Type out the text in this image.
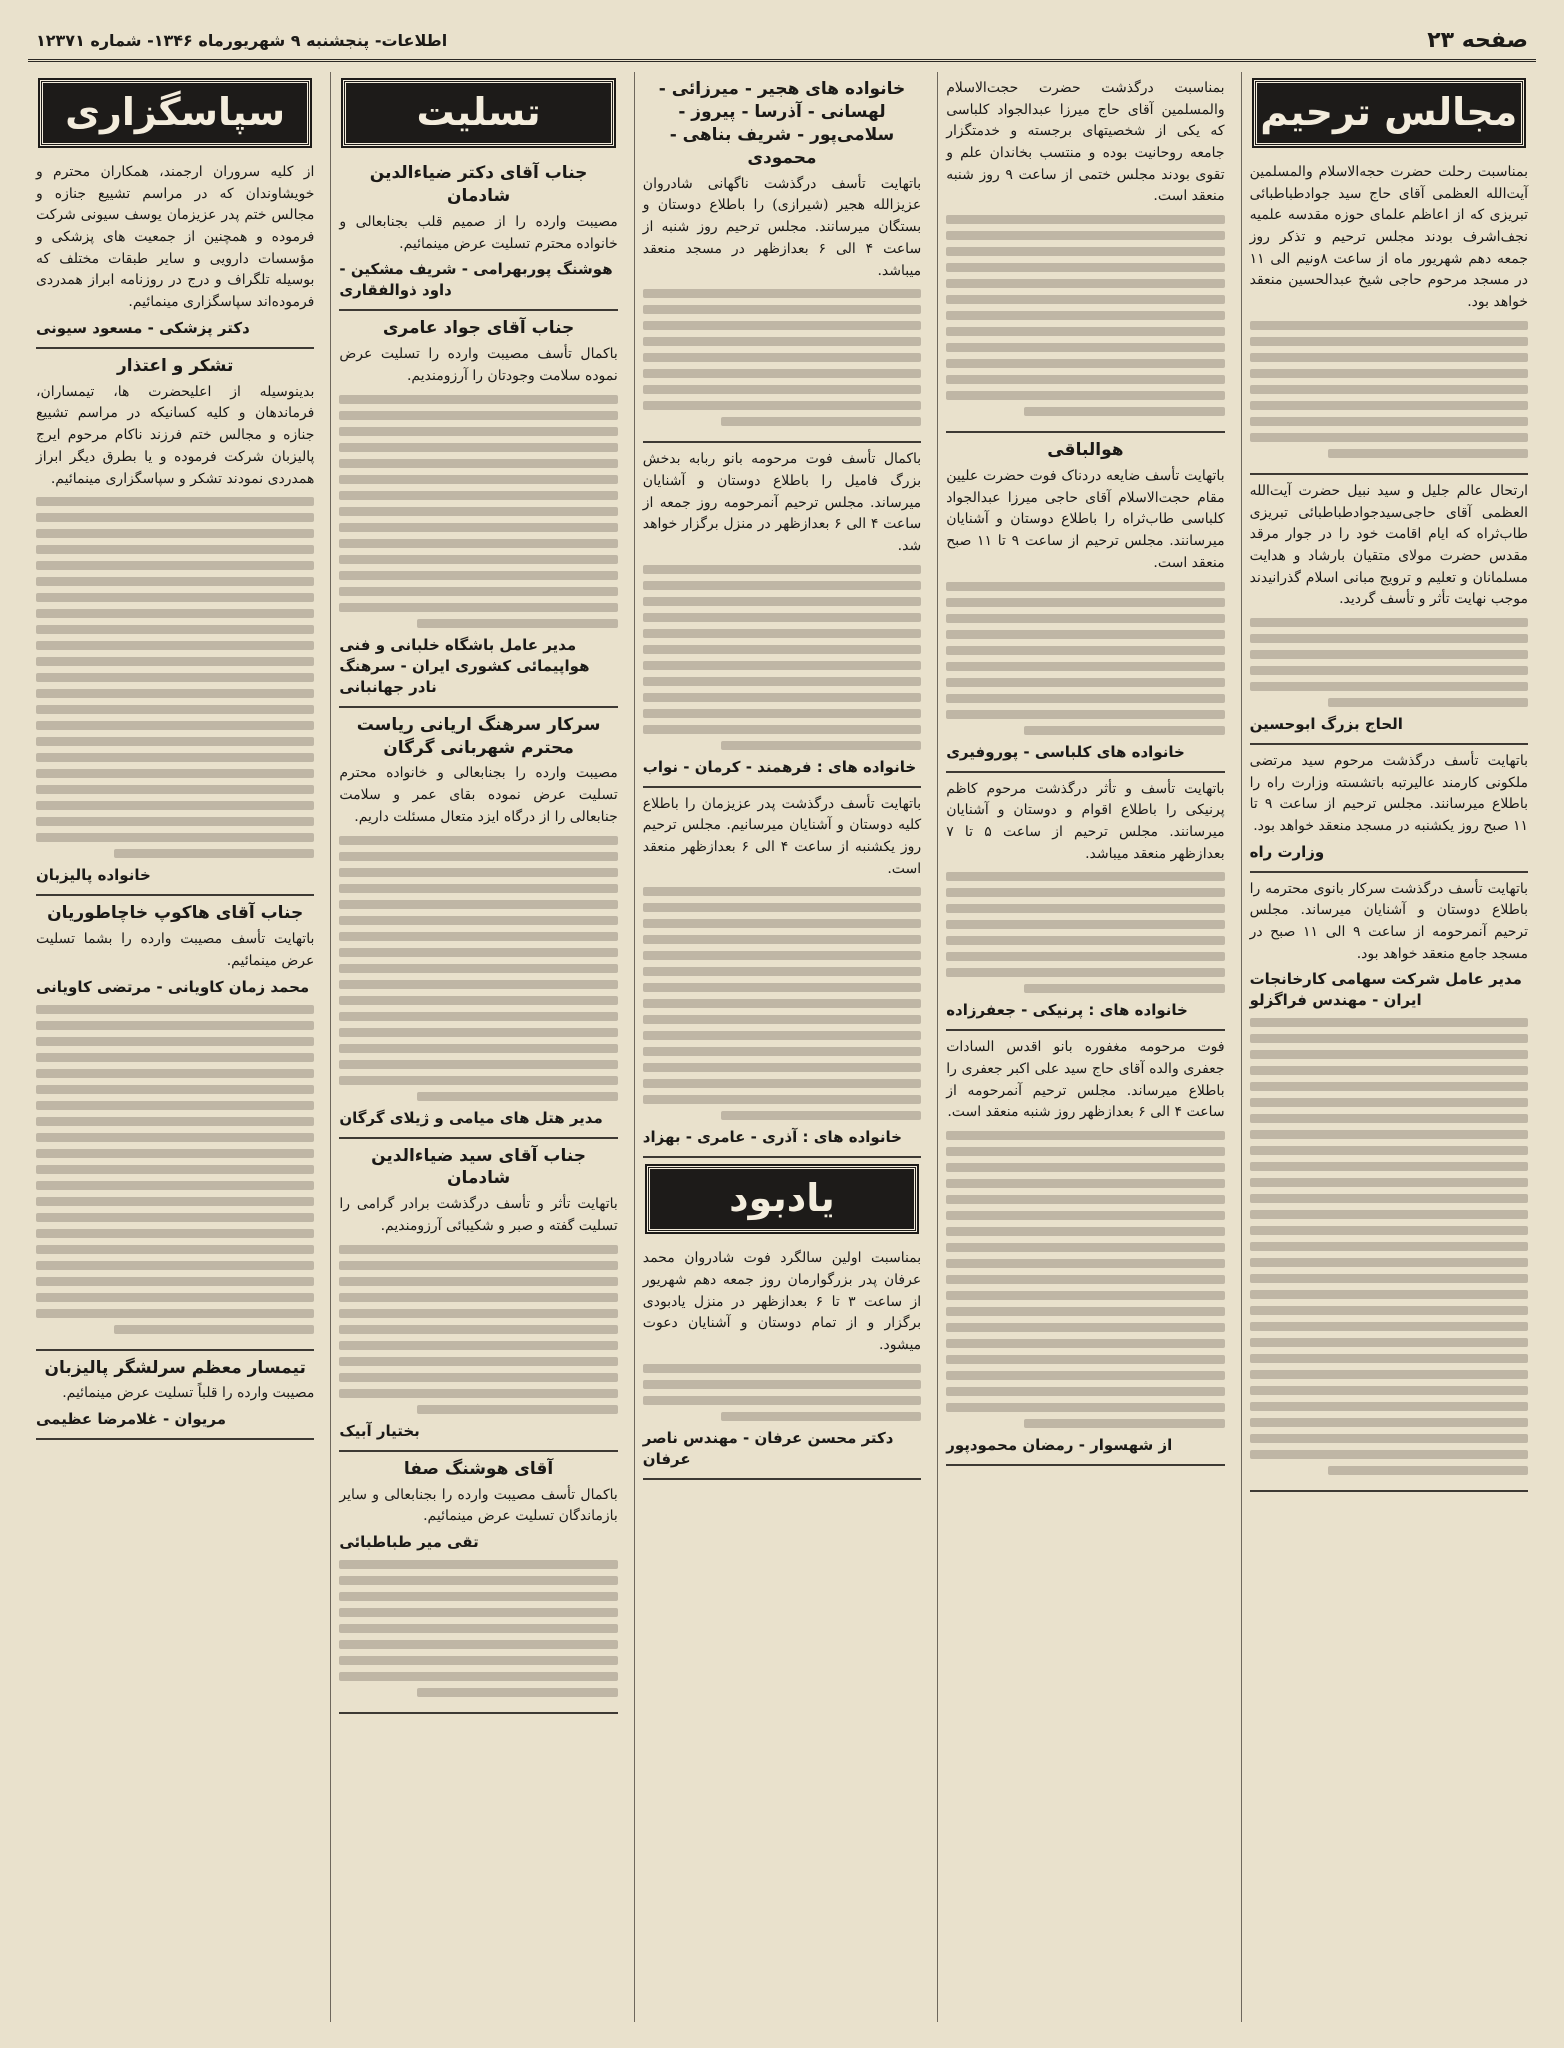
صفحه ۲۳
اطلاعات- پنجشنبه ۹ شهریورماه ۱۳۴۶- شماره ۱۲۳۷۱
مجالس ترحیم
بمناسبت رحلت حضرت حجه‌الاسلام والمسلمین آیت‌الله العظمی آقای حاج سید جوادطباطبائی تبریزی که از اعاظم علمای حوزه مقدسه علمیه نجف‌اشرف بودند مجلس ترحیم و تذکر روز جمعه دهم شهریور ماه از ساعت ۸ونیم الی ۱۱ در مسجد مرحوم حاجی شیخ عبدالحسین منعقد خواهد بود.
ارتحال عالم جلیل و سید نبیل حضرت آیت‌الله العظمی آقای حاجی‌سیدجوادطباطبائی تبریزی طاب‌ثراه که ایام اقامت خود را در جوار مرقد مقدس حضرت مولای متقیان بارشاد و هدایت مسلمانان و تعلیم و ترویج مبانی اسلام گذرانیدند موجب نهایت تأثر و تأسف گردید.
الحاج بزرگ ابوحسین
باتهایت تأسف درگذشت مرحوم سید مرتضی ملکونی کارمند عالیرتبه باتشسته وزارت راه را باطلاع میرسانند. مجلس ترحیم از ساعت ۹ تا ۱۱ صبح روز یکشنبه در مسجد منعقد خواهد بود.
وزارت راه
باتهایت تأسف درگذشت سرکار بانوی محترمه را باطلاع دوستان و آشنایان میرساند. مجلس ترحیم آنمرحومه از ساعت ۹ الی ۱۱ صبح در مسجد جامع منعقد خواهد بود.
مدیر عامل شرکت سهامی کارخانجات ایران - مهندس فراگزلو
بمناسبت درگذشت حضرت حجت‌الاسلام والمسلمین آقای حاج میرزا عبدالجواد کلباسی که یکی از شخصیتهای برجسته و خدمتگزار جامعه روحانیت بوده و منتسب بخاندان علم و تقوی بودند مجلس ختمی از ساعت ۹ روز شنبه منعقد است.
هوالباقی
باتهایت تأسف ضایعه دردناک فوت حضرت علیین مقام حجت‌الاسلام آقای حاجی میرزا عبدالجواد کلباسی طاب‌ثراه را باطلاع دوستان و آشنایان میرسانند. مجلس ترحیم از ساعت ۹ تا ۱۱ صبح منعقد است.
خانواده های کلباسی - پوروفیری
باتهایت تأسف و تأثر درگذشت مرحوم کاظم پرنیکی را باطلاع اقوام و دوستان و آشنایان میرسانند. مجلس ترحیم از ساعت ۵ تا ۷ بعدازظهر منعقد میباشد.
خانواده های : پرنیکی - جعفرزاده
فوت مرحومه مغفوره بانو اقدس السادات جعفری والده آقای حاج سید علی اکبر جعفری را باطلاع میرساند. مجلس ترحیم آنمرحومه از ساعت ۴ الی ۶ بعدازظهر روز شنبه منعقد است.
از شهسوار - رمضان محمودپور
خانواده های هجیر - میرزائی - لهسانی - آذرسا - پیروز - سلامی‌پور - شریف بناهی - محمودی
باتهایت تأسف درگذشت ناگهانی شادروان عزیزالله هجیر (شیرازی) را باطلاع دوستان و بستگان میرسانند. مجلس ترحیم روز شنبه از ساعت ۴ الی ۶ بعدازظهر در مسجد منعقد میباشد.
باکمال تأسف فوت مرحومه بانو ربابه بدخش بزرگ فامیل را باطلاع دوستان و آشنایان میرساند. مجلس ترحیم آنمرحومه روز جمعه از ساعت ۴ الی ۶ بعدازظهر در منزل برگزار خواهد شد.
خانواده های : فرهمند - کرمان - نواب
باتهایت تأسف درگذشت پدر عزیزمان را باطلاع کلیه دوستان و آشنایان میرسانیم. مجلس ترحیم روز یکشنبه از ساعت ۴ الی ۶ بعدازظهر منعقد است.
خانواده های : آذری - عامری - بهزاد
یادبود
بمناسبت اولین سالگرد فوت شادروان محمد عرفان پدر بزرگوارمان روز جمعه دهم شهریور از ساعت ۳ تا ۶ بعدازظهر در منزل یادبودی برگزار و از تمام دوستان و آشنایان دعوت میشود.
دکتر محسن عرفان - مهندس ناصر عرفان
تسلیت
جناب آقای دکتر ضیاءالدین شادمان
مصیبت وارده را از صمیم قلب بجنابعالی و خانواده محترم تسلیت عرض مینمائیم.
هوشنگ پوربهرامی - شریف مشکین - داود ذوالفقاری
جناب آقای جواد عامری
باکمال تأسف مصیبت وارده را تسلیت عرض نموده سلامت وجودتان را آرزومندیم.
مدیر عامل باشگاه خلبانی و فنی هواپیمائی کشوری ایران - سرهنگ نادر جهانبانی
سرکار سرهنگ اریانی ریاست محترم شهربانی گرگان
مصیبت وارده را بجنابعالی و خانواده محترم تسلیت عرض نموده بقای عمر و سلامت جنابعالی را از درگاه ایزد متعال مسئلت داریم.
مدیر هتل های میامی و ژیلای گرگان
جناب آقای سید ضیاءالدین شادمان
باتهایت تأثر و تأسف درگذشت برادر گرامی را تسلیت گفته و صبر و شکیبائی آرزومندیم.
بختیار آبیک
آقای هوشنگ صفا
باکمال تأسف مصیبت وارده را بجنابعالی و سایر بازماندگان تسلیت عرض مینمائیم.
تقی میر طباطبائی
سپاسگزاری
از کلیه سروران ارجمند، همکاران محترم و خویشاوندان که در مراسم تشییع جنازه و مجالس ختم پدر عزیزمان یوسف سیونی شرکت فرموده و همچنین از جمعیت های پزشکی و مؤسسات دارویی و سایر طبقات مختلف که بوسیله تلگراف و درج در روزنامه ابراز همدردی فرموده‌اند سپاسگزاری مینمائیم.
دکتر پزشکی - مسعود سیونی
تشکر و اعتذار
بدینوسیله از اعلیحضرت ها، تیمساران، فرماندهان و کلیه کسانیکه در مراسم تشییع جنازه و مجالس ختم فرزند ناکام مرحوم ایرج پالیزبان شرکت فرموده و یا بطرق دیگر ابراز همدردی نمودند تشکر و سپاسگزاری مینمائیم.
خانواده پالیزبان
جناب آقای هاکوپ خاچاطوریان
باتهایت تأسف مصیبت وارده را بشما تسلیت عرض مینمائیم.
محمد زمان کاویانی - مرتضی کاویانی
تیمسار معظم سرلشگر پالیزبان
مصیبت وارده را قلباً تسلیت عرض مینمائیم.
مریوان - غلامرضا عظیمی
